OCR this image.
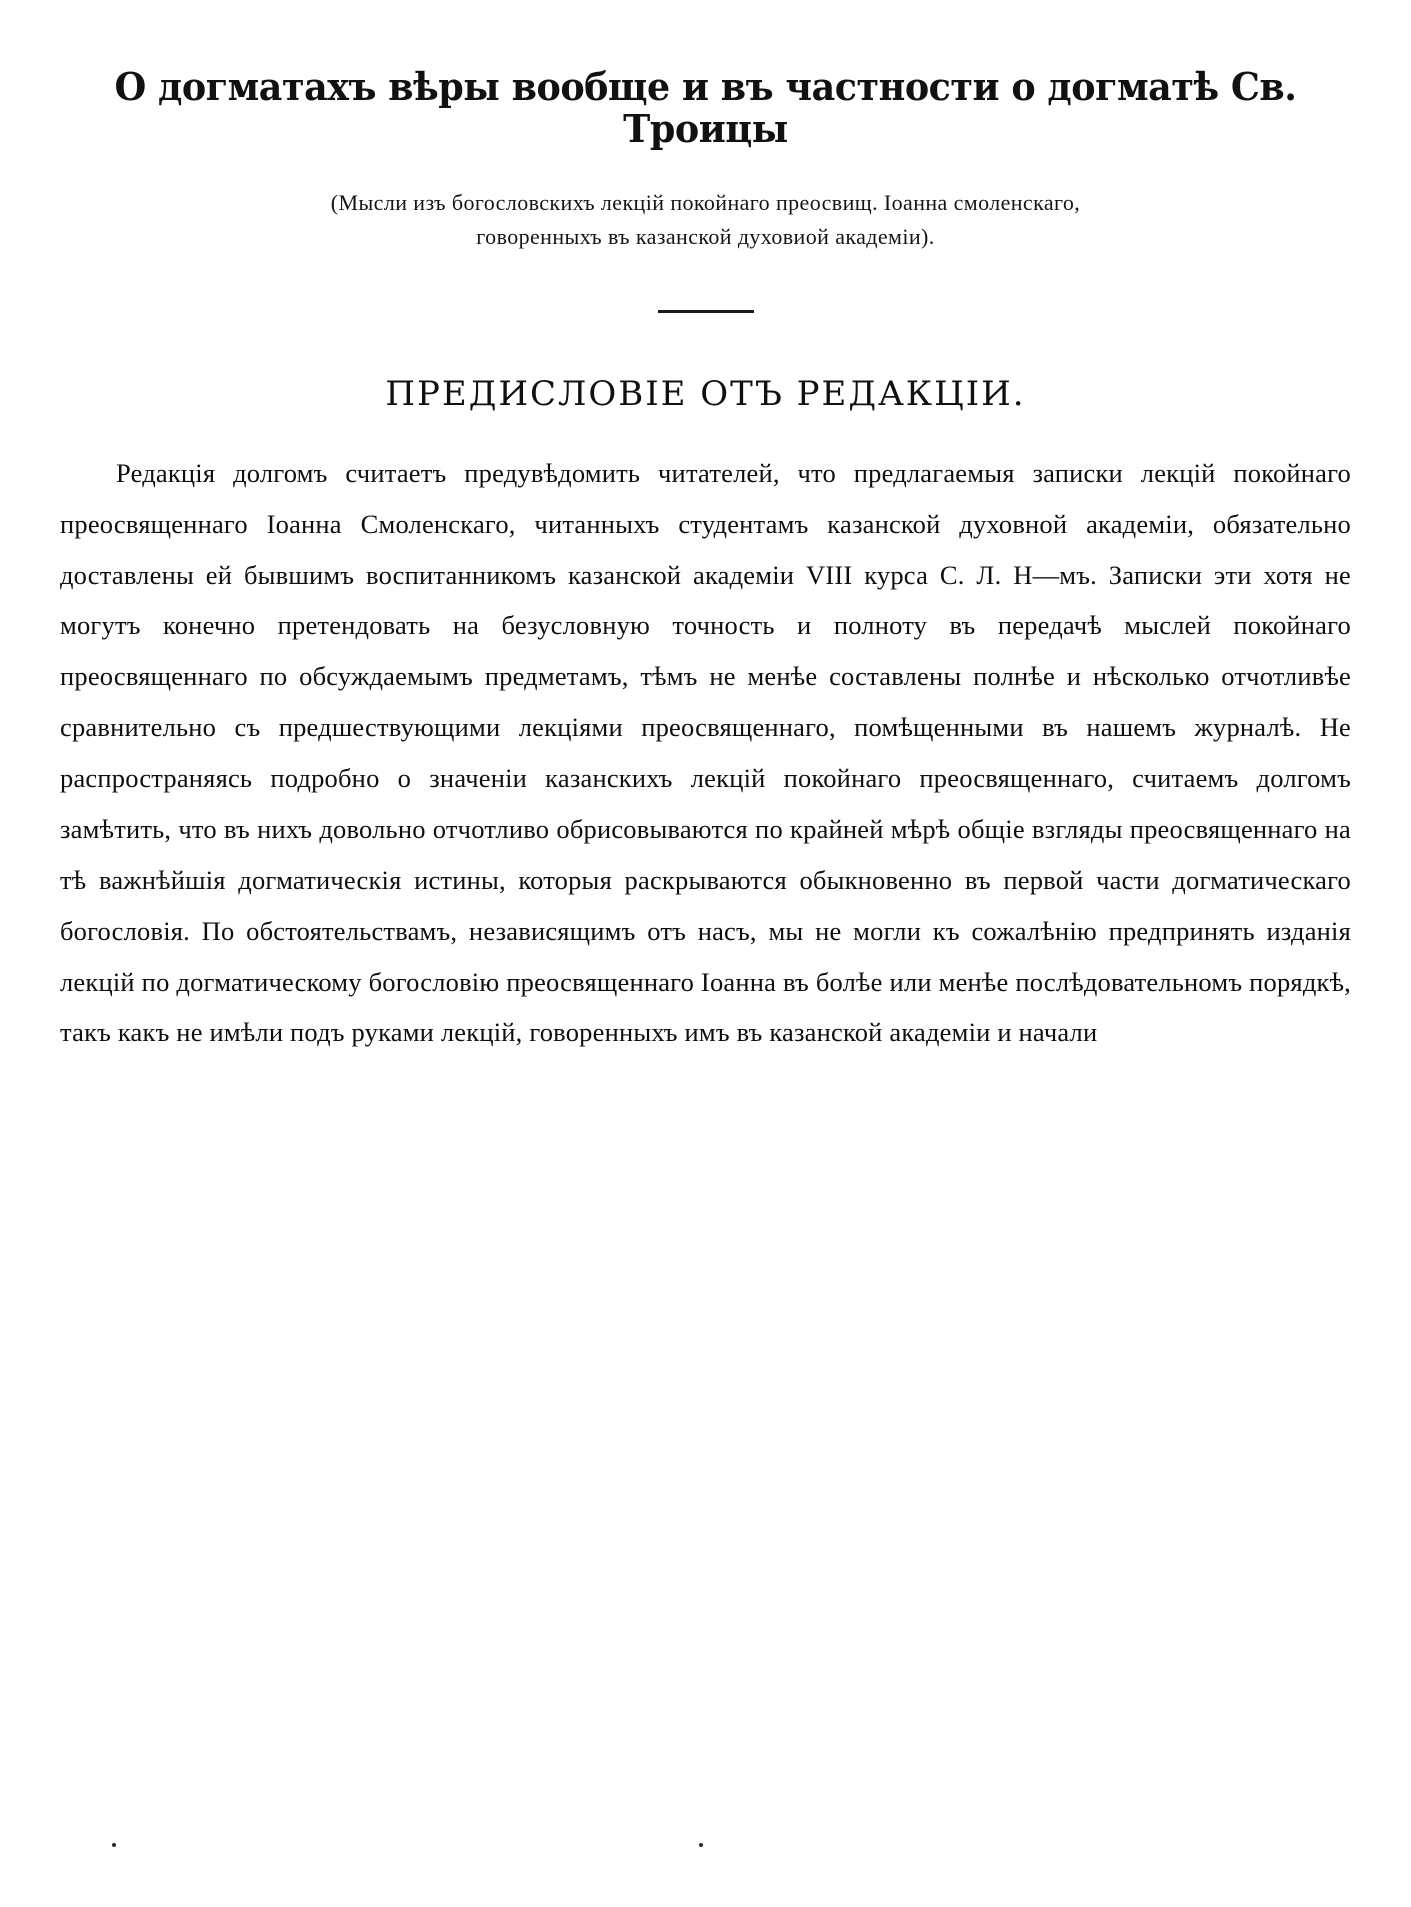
О догматахъ вѣры вообще и въ частности о догматѣ Св. Троицы
(Мысли изъ богословскихъ лекцій покойнаго преосвищ. Іоанна смоленскаго,
говоренныхъ въ казанской духовиой академіи).
ПРЕДИСЛОВІЕ ОТЪ РЕДАКЦІИ.

Редакція долгомъ считаетъ предувѣдомить читателей, что предлагаемыя записки лекцій покойнаго преосвященнаго Іоанна Смоленскаго, читанныхъ студентамъ казанской духовной академіи, обязательно доставлены ей бывшимъ воспитанникомъ казанской академіи VIII курса С. Л. Н—мъ. Записки эти хотя не могутъ конечно претендовать на безусловную точность и полноту въ передачѣ мыслей покойнаго преосвященнаго по обсуждаемымъ предметамъ, тѣмъ не менѣе составлены полнѣе и нѣсколько отчотливѣе сравнительно съ предшествующими лекціями преосвященнаго, помѣщенными въ нашемъ журналѣ. Не распространяясь подробно о значеніи казанскихъ лекцій покойнаго преосвященнаго, считаемъ долгомъ замѣтить, что въ нихъ довольно отчотливо обрисовываются по крайней мѣрѣ общіе взгляды преосвященнаго на тѣ важнѣйшія догматическія истины, которыя раскрываются обыкновенно въ первой части догматическаго богословія. По обстоятельствамъ, независящимъ отъ насъ, мы не могли къ сожалѣнію предпринять изданія лекцій по догматическому богословію преосвященнаго Іоанна въ болѣе или менѣе послѣдовательномъ порядкѣ, такъ какъ не имѣли подъ руками лекцій, говоренныхъ имъ въ казанской академіи и начали
